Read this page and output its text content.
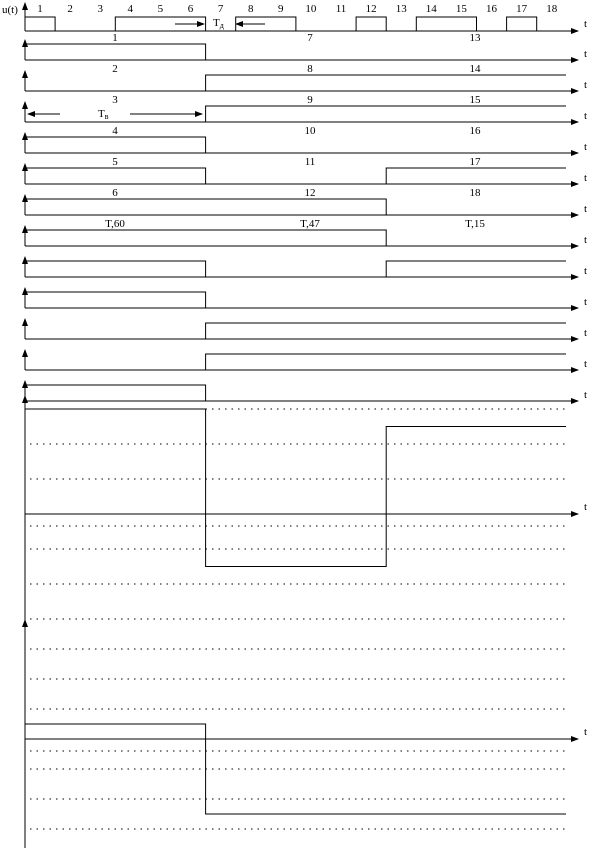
u(t) 1 2 3 4 5 6 7 8 9 10 11 12 13 14 15 16 17 18
t
Tд
t
1	7	13
t
2	8	14
t
3	9	15
t
4	10	16
t
5	11	17
t
6	12	18
t
T,60	T,47	T,15
t
t
t
t
t
Tв
t
t
